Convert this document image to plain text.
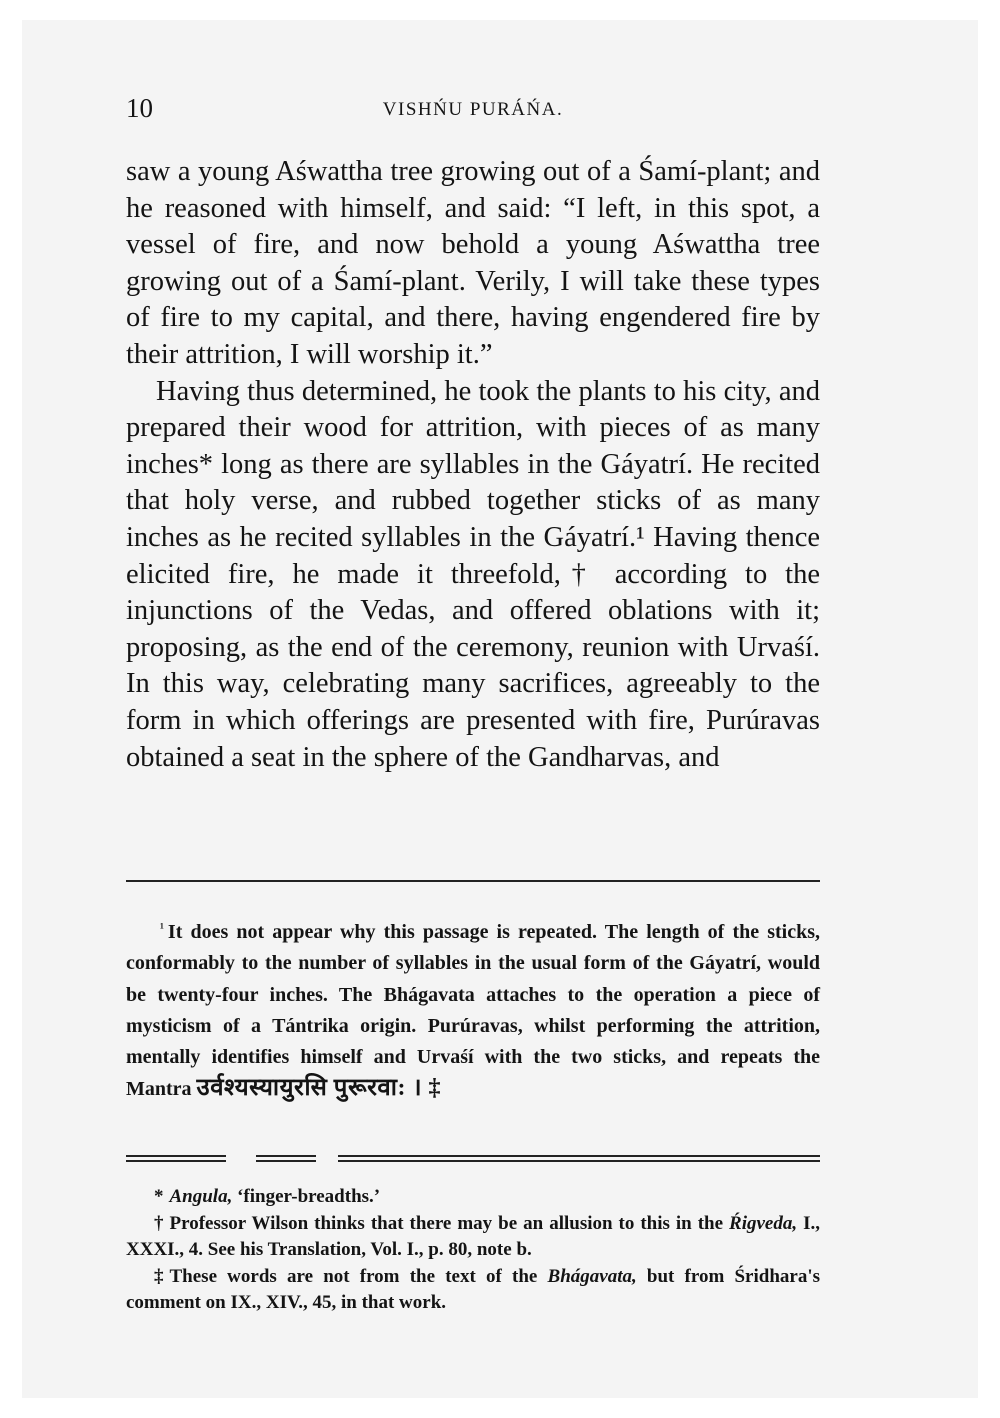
10	VISHŃU PURÁŃA.

saw a young Aśwattha tree growing out of a Śamí-plant; and he reasoned with himself, and said: “I left, in this spot, a vessel of fire, and now behold a young Aśwattha tree growing out of a Śamí-plant. Verily, I will take these types of fire to my capital, and there, having engendered fire by their attrition, I will worship it.”

Having thus determined, he took the plants to his city, and prepared their wood for attrition, with pieces of as many inches* long as there are syllables in the Gáyatrí. He recited that holy verse, and rubbed together sticks of as many inches as he recited syllables in the Gáyatrí.¹ Having thence elicited fire, he made it threefold,† according to the injunctions of the Vedas, and offered oblations with it; proposing, as the end of the ceremony, reunion with Urvaśí. In this way, celebrating many sacrifices, agreeably to the form in which offerings are presented with fire, Purúravas obtained a seat in the sphere of the Gandharvas, and

$^{^1}$ It does not appear why this passage is repeated. The length of the sticks, conformably to the number of syllables in the usual form of the Gáyatrí, would be twenty-four inches. The Bhágavata attaches to the operation a piece of mysticism of a Tántrika origin. Purúravas, whilst performing the attrition, mentally identifies himself and Urvaśí with the two sticks, and repeats the Mantra उर्वश्यस्यायुरसि पुरूरवा: । ‡

* Angula, ‘finger-breadths.’

† Professor Wilson thinks that there may be an allusion to this in the Ŕigveda, I., XXXI., 4. See his Translation, Vol. I., p. 80, note b.

‡ These words are not from the text of the Bhágavata, but from Śridhara's comment on IX., XIV., 45, in that work.
